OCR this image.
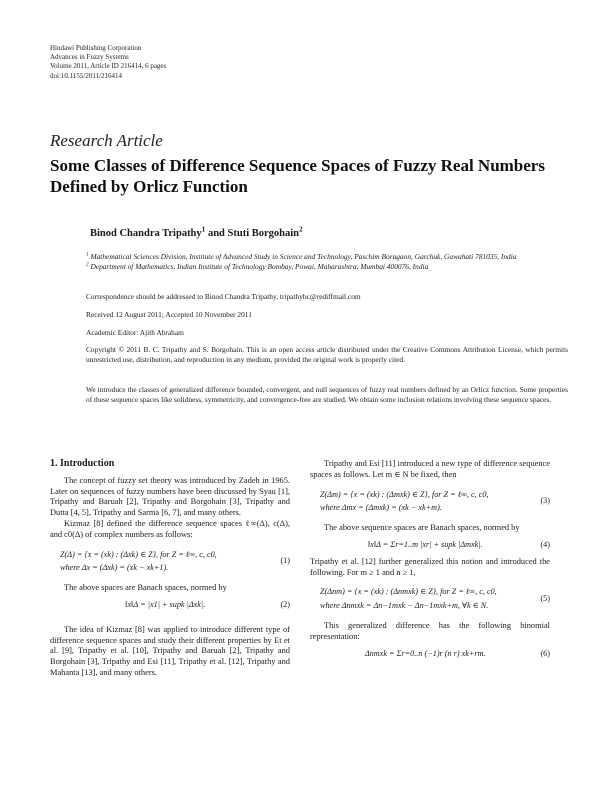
Hindawi Publishing Corporation
Advances in Fuzzy Systems
Volume 2011, Article ID 216414, 6 pages
doi:10.1155/2011/216414
Research Article
Some Classes of Difference Sequence Spaces of Fuzzy Real Numbers Defined by Orlicz Function
Binod Chandra Tripathy$^1$ and Stuti Borgohain$^2$

$^1$ Mathematical Sciences Division, Institute of Advanced Study in Science and Technology, Paschim Boragaon, Garchuk, Guwahati 781035, India

$^2$ Department of Mathematics, Indian Institute of Technology Bombay, Powai, Maharashtra, Mumbai 400076, India

Correspondence should be addressed to Binod Chandra Tripathy, tripathybc@rediffmail.com
Received 12 August 2011; Accepted 10 November 2011
Academic Editor: Ajith Abraham
Copyright © 2011 B. C. Tripathy and S. Borgohain. This is an open access article distributed under the Creative Commons Attribution License, which permits unrestricted use, distribution, and reproduction in any medium, provided the original work is properly cited.
We introduce the classes of generalized difference bounded, convergent, and null sequences of fuzzy real numbers defined by an Orlicz function. Some properties of these sequence spaces like solidness, symmetricity, and convergence-free are studied. We obtain some inclusion relations involving these sequence spaces.
1. Introduction

The concept of fuzzy set theory was introduced by Zadeh in 1965. Later on sequences of fuzzy numbers have been discussed by Syau [1], Tripathy and Baruah [2], Tripathy and Borgohain [3], Tripathy and Dutta [4, 5], Tripathy and Sarma [6, 7], and many others.

Kizmaz [8] defined the difference sequence spaces ℓ∞(Δ), c(Δ), and c0(Δ) of complex numbers as follows:

Z(Δ) = {x = (xk) : (Δxk) ∈ Z}, for Z = ℓ∞, c, c0,
where Δx = (Δxk) = (xk − xk+1).
(1)

The above spaces are Banach spaces, normed by

‖x‖Δ = |x1| + supk |Δxk|.	(2)

The idea of Kizmaz [8] was applied to introduce different type of difference sequence spaces and study their different properties by Et et al. [9], Tripathy et al. [10], Tripathy and Baruah [2], Tripathy and Borgohain [3], Tripathy and Esi [11], Tripathy et al. [12], Tripathy and Mahanta [13], and many others.

Tripathy and Esi [11] introduced a new type of difference sequence spaces as follows. Let m ∈ N be fixed, then

Z(Δm) = {x = (xk) : (Δmxk) ∈ Z}, for Z = ℓ∞, c, c0,
where Δmx = (Δmxk) = (xk − xk+m).
(3)

The above sequence spaces are Banach spaces, normed by

‖x‖Δ = Σr=1..m |xr| + supk |Δmxk|.	(4)

Tripathy et al. [12] further generalized this notion and introduced the following. For m ≥ 1 and n ≥ 1,

Z(Δnm) = {x = (xk) : (Δnmxk) ∈ Z}, for Z = ℓ∞, c, c0,
where Δnmxk = Δn−1mxk − Δn−1mxk+m, ∀k ∈ N.
(5)

This generalized difference has the following binomial representation:

Δnmxk = Σr=0..n (−1)r (n r) xk+rm.	(6)
